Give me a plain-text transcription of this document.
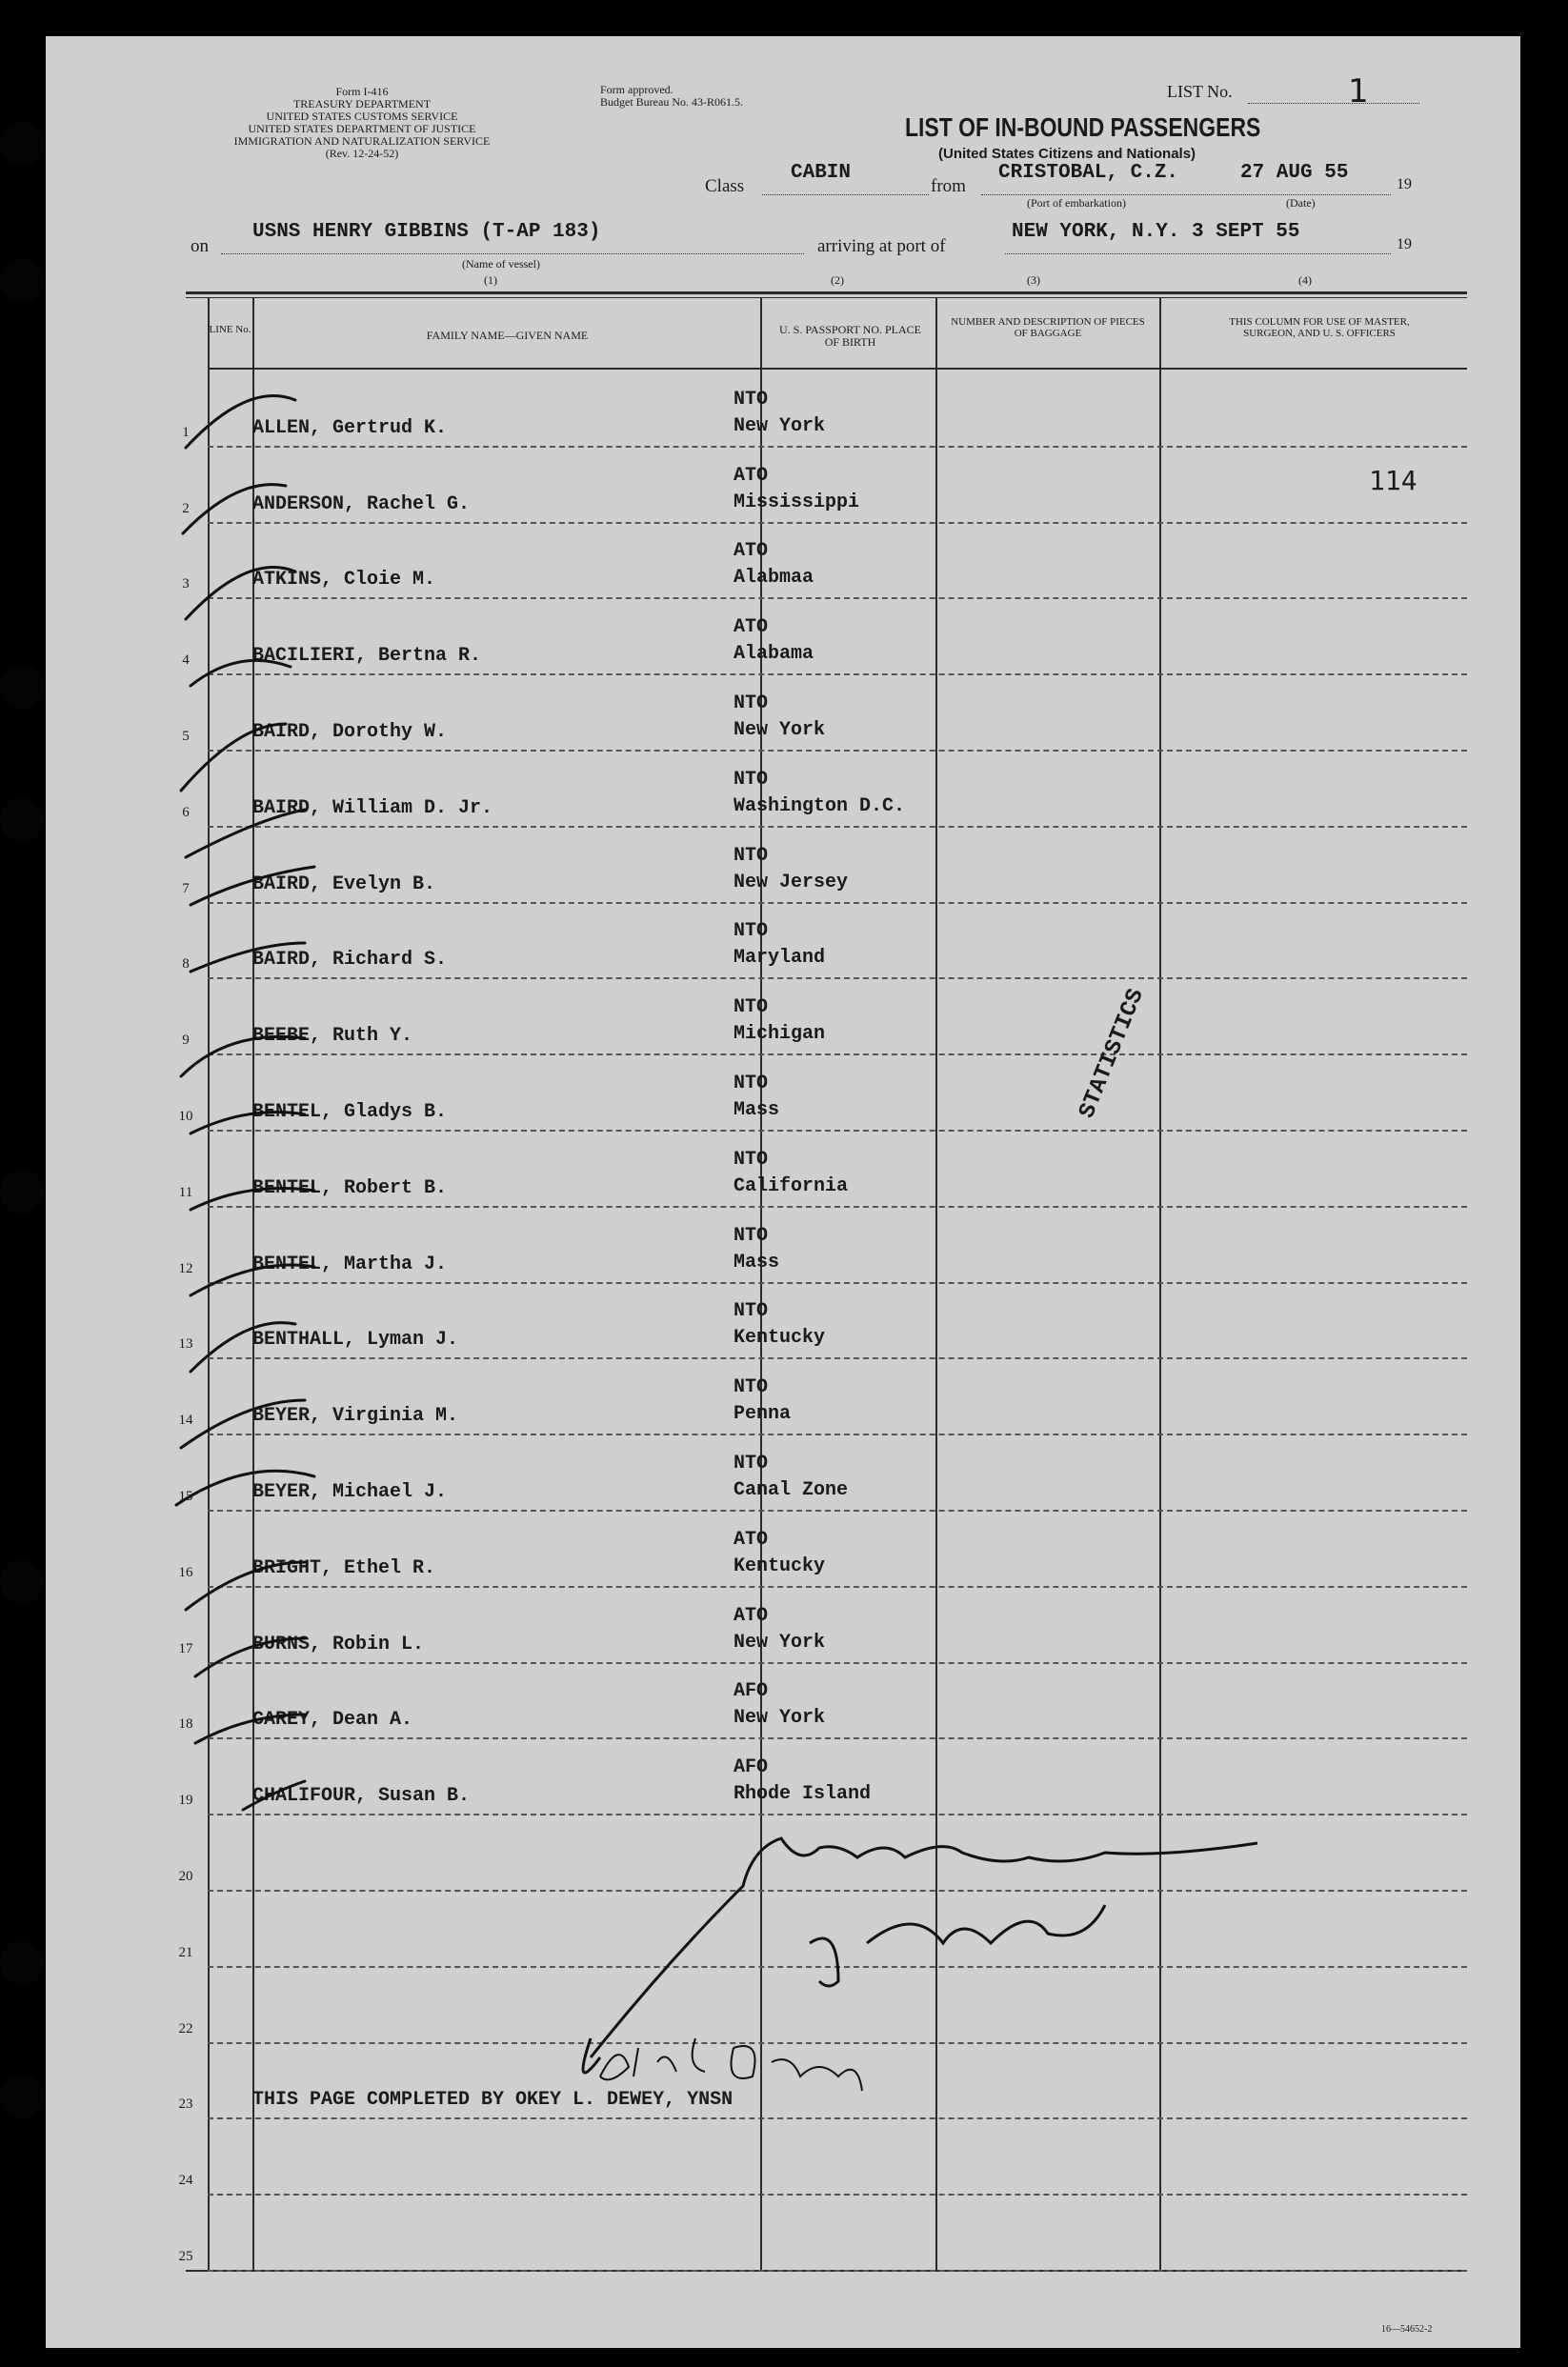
Form I-416
TREASURY DEPARTMENT
UNITED STATES CUSTOMS SERVICE
UNITED STATES DEPARTMENT OF JUSTICE
IMMIGRATION AND NATURALIZATION SERVICE
(Rev. 12-24-52)
Form approved.
Budget Bureau No. 43-R061.5.
LIST No.	1
LIST OF IN-BOUND PASSENGERS
(United States Citizens and Nationals)
Class
CABIN
from
CRISTOBAL, C.Z.	27 AUG 55
19
(Port of embarkation)	(Date)
on
USNS HENRY GIBBINS (T-AP 183)
arriving at port of
NEW YORK, N.Y. 3 SEPT 55
19
(Name of vessel)
(1)	(2)	(3)	(4)
LINE No.	FAMILY NAME—GIVEN NAME	U. S. PASSPORT NO. PLACE OF BIRTH
NUMBER AND DESCRIPTION OF PIECES OF BAGGAGE
THIS COLUMN FOR USE OF MASTER, SURGEON, AND U. S. OFFICERS
1	ALLEN, Gertrud K.
NTO
New York
2	ANDERSON, Rachel G.
ATO
Mississippi
3	ATKINS, Cloie M.
ATO
Alabmaa
4	BACILIERI, Bertna R.
ATO
Alabama
5	BAIRD, Dorothy W.
NTO
New York
6	BAIRD, William D. Jr.
NTO
Washington D.C.
7	BAIRD, Evelyn B.
NTO
New Jersey
8	BAIRD, Richard S.
NTO
Maryland
9	BEEBE, Ruth Y.
NTO
Michigan
10	BENTEL, Gladys B.
NTO
Mass
11	BENTEL, Robert B.
NTO
California
12	BENTEL, Martha J.
NTO
Mass
13	BENTHALL, Lyman J.
NTO
Kentucky
14	BEYER, Virginia M.
NTO
Penna
15	BEYER, Michael J.
NTO
Canal Zone
16	BRIGHT, Ethel R.
ATO
Kentucky
17	BURNS, Robin L.
ATO
New York
18	CAREY, Dean A.
AFO
New York
19	CHALIFOUR, Susan B.
AFO
Rhode Island
20
21
22
23	THIS PAGE COMPLETED BY OKEY L. DEWEY, YNSN
24
25
114
STATISTICS
16—54652-2
